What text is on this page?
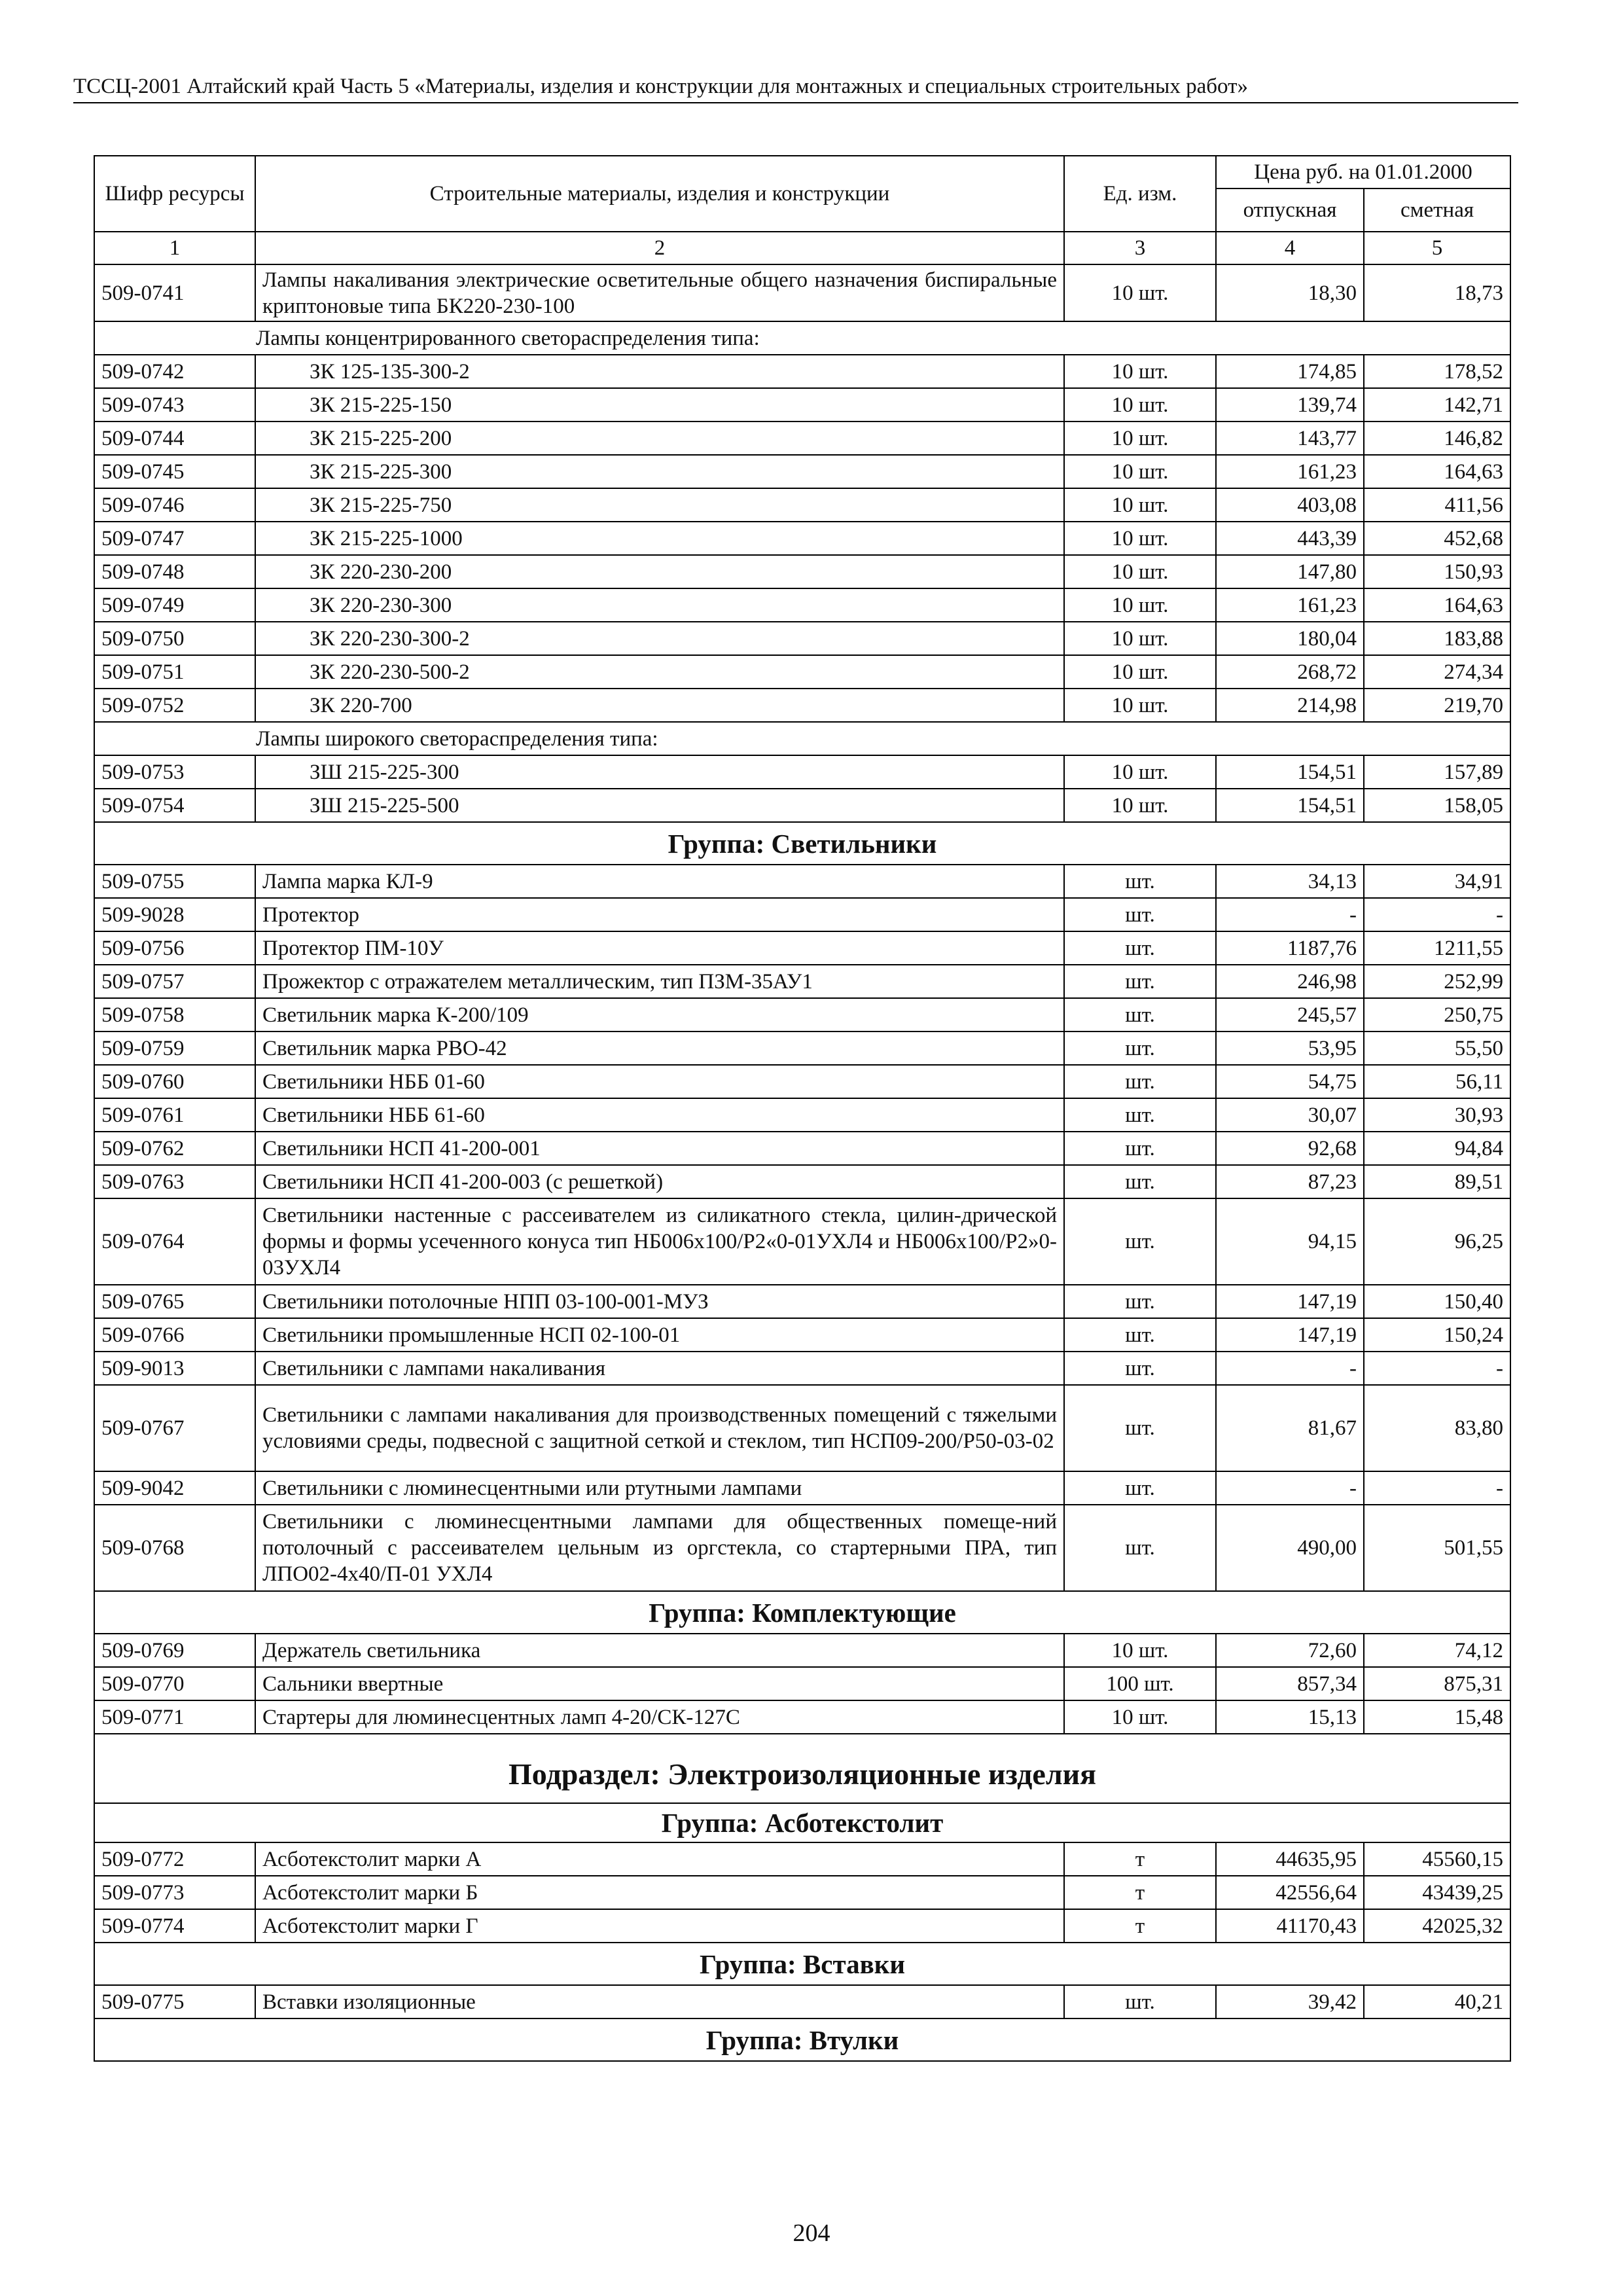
ТССЦ-2001 Алтайский край Часть 5 «Материалы, изделия и конструкции для монтажных и специальных строительных работ»
Шифр ресурсы	Строительные материалы, изделия и конструкции	Ед. изм.	Цена руб. на 01.01.2000	
			отпускная	сметная
1	2	3	4	5
509-0741	Лампы накаливания электрические осветительные общего назначения биспиральные криптоновые типа БК220-230-100	10 шт.	18,30	18,73
Лампы концентрированного светораспределения типа:				
509-0742	ЗК 125-135-300-2	10 шт.	174,85	178,52
509-0743	ЗК 215-225-150	10 шт.	139,74	142,71
509-0744	ЗК 215-225-200	10 шт.	143,77	146,82
509-0745	ЗК 215-225-300	10 шт.	161,23	164,63
509-0746	ЗК 215-225-750	10 шт.	403,08	411,56
509-0747	ЗК 215-225-1000	10 шт.	443,39	452,68
509-0748	ЗК 220-230-200	10 шт.	147,80	150,93
509-0749	ЗК 220-230-300	10 шт.	161,23	164,63
509-0750	ЗК 220-230-300-2	10 шт.	180,04	183,88
509-0751	ЗК 220-230-500-2	10 шт.	268,72	274,34
509-0752	ЗК 220-700	10 шт.	214,98	219,70
Лампы широкого светораспределения типа:				
509-0753	ЗШ 215-225-300	10 шт.	154,51	157,89
509-0754	ЗШ 215-225-500	10 шт.	154,51	158,05
Группа: Светильники				
509-0755	Лампа марка КЛ-9	шт.	34,13	34,91
509-9028	Протектор	шт.	-	-
509-0756	Протектор ПМ-10У	шт.	1187,76	1211,55
509-0757	Прожектор с отражателем металлическим, тип ПЗМ-35АУ1	шт.	246,98	252,99
509-0758	Светильник марка К-200/109	шт.	245,57	250,75
509-0759	Светильник марка РВО-42	шт.	53,95	55,50
509-0760	Светильники НББ 01-60	шт.	54,75	56,11
509-0761	Светильники НББ 61-60	шт.	30,07	30,93
509-0762	Светильники НСП 41-200-001	шт.	92,68	94,84
509-0763	Светильники НСП 41-200-003 (с решеткой)	шт.	87,23	89,51
509-0764	Светильники настенные с рассеивателем из силикатного стекла, цилин-дрической формы и формы усеченного конуса тип НБ006х100/Р2«0-01УХЛ4 и НБ006х100/Р2»0-03УХЛ4	шт.	94,15	96,25
509-0765	Светильники потолочные НПП 03-100-001-МУЗ	шт.	147,19	150,40
509-0766	Светильники промышленные НСП 02-100-01	шт.	147,19	150,24
509-9013	Светильники с лампами накаливания	шт.	-	-
509-0767	Светильники с лампами накаливания для производственных помещений с тяжелыми условиями среды, подвесной с защитной сеткой и стеклом, тип НСП09-200/Р50-03-02	шт.	81,67	83,80
509-9042	Светильники с люминесцентными или ртутными лампами	шт.	-	-
509-0768	Светильники с люминесцентными лампами для общественных помеще-ний потолочный с рассеивателем цельным из оргстекла, со стартерными ПРА, тип ЛПО02-4х40/П-01 УХЛ4	шт.	490,00	501,55
Группа: Комплектующие				
509-0769	Держатель светильника	10 шт.	72,60	74,12
509-0770	Сальники ввертные	100 шт.	857,34	875,31
509-0771	Стартеры для люминесцентных ламп 4-20/СК-127С	10 шт.	15,13	15,48
Подраздел: Электроизоляционные изделия				
Группа: Асботекстолит				
509-0772	Асботекстолит марки А	т	44635,95	45560,15
509-0773	Асботекстолит марки Б	т	42556,64	43439,25
509-0774	Асботекстолит марки Г	т	41170,43	42025,32
Группа: Вставки				
509-0775	Вставки изоляционные	шт.	39,42	40,21
Группа: Втулки				
204
